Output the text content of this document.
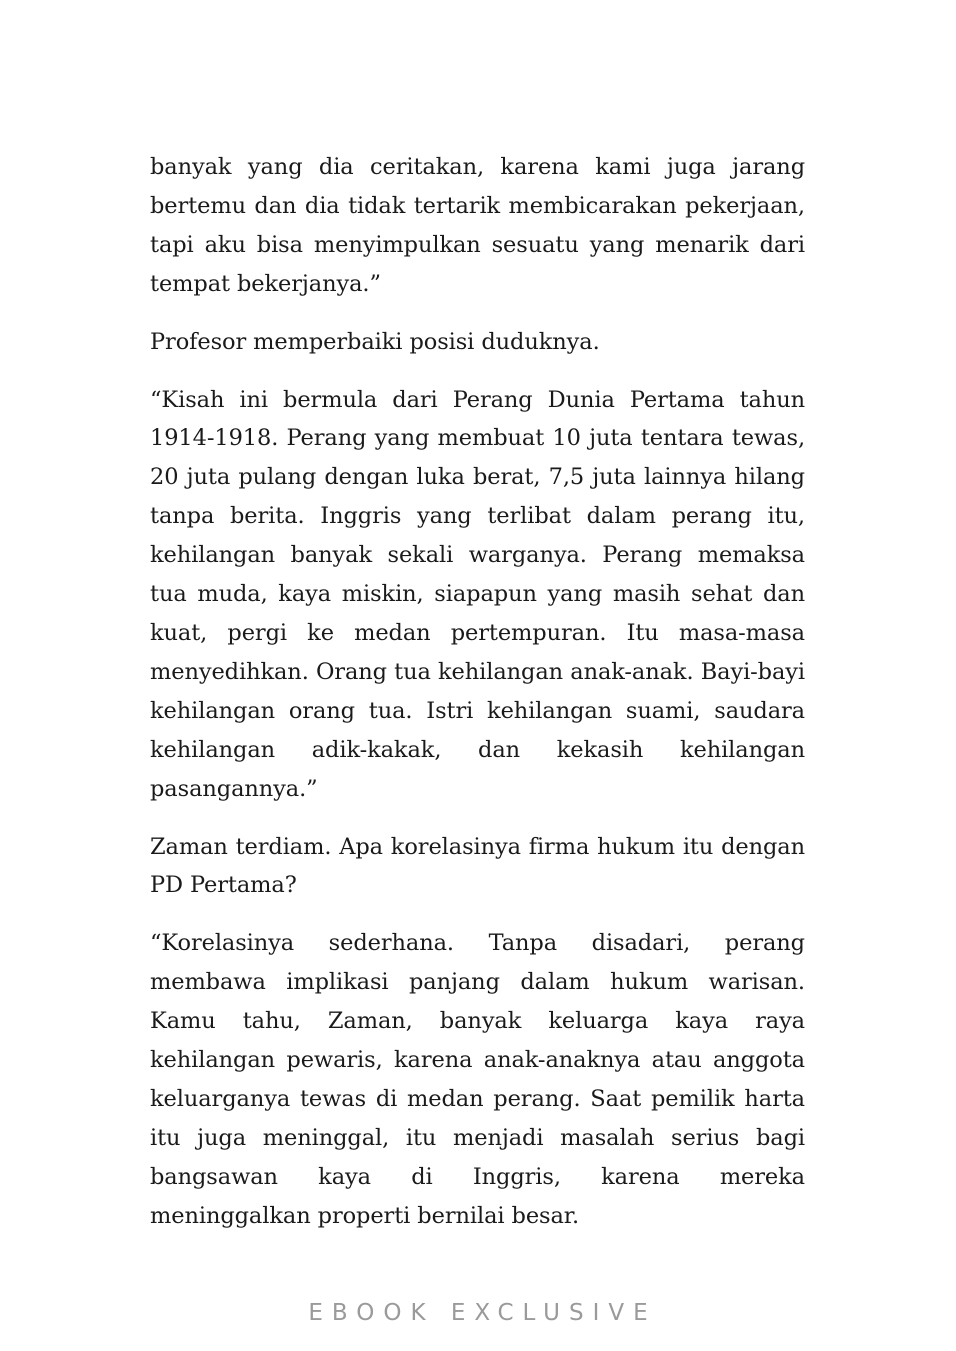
banyak yang dia ceritakan, karena kami juga jarang bertemu dan dia tidak tertarik membicarakan pekerjaan, tapi aku bisa menyimpulkan sesuatu yang menarik dari tempat bekerjanya.”

Profesor memperbaiki posisi duduknya.

“Kisah ini bermula dari Perang Dunia Pertama tahun 1914-1918. Perang yang membuat 10 juta tentara tewas, 20 juta pulang dengan luka berat, 7,5 juta lainnya hilang tanpa berita. Inggris yang terlibat dalam perang itu, kehilangan banyak sekali warganya. Perang memaksa tua muda, kaya miskin, siapapun yang masih sehat dan kuat, pergi ke medan pertempuran. Itu masa-masa menyedihkan. Orang tua kehilangan anak-anak. Bayi-bayi kehilangan orang tua. Istri kehilangan suami, saudara kehilangan adik-kakak, dan kekasih kehilangan pasangannya.”

Zaman terdiam. Apa korelasinya firma hukum itu dengan PD Pertama?

“Korelasinya sederhana. Tanpa disadari, perang membawa implikasi panjang dalam hukum warisan. Kamu tahu, Zaman, banyak keluarga kaya raya kehilangan pewaris, karena anak-anaknya atau anggota keluarganya tewas di medan perang. Saat pemilik harta itu juga meninggal, itu menjadi masalah serius bagi bangsawan kaya di Inggris, karena mereka meninggalkan properti bernilai besar.

EBOOK EXCLUSIVE
